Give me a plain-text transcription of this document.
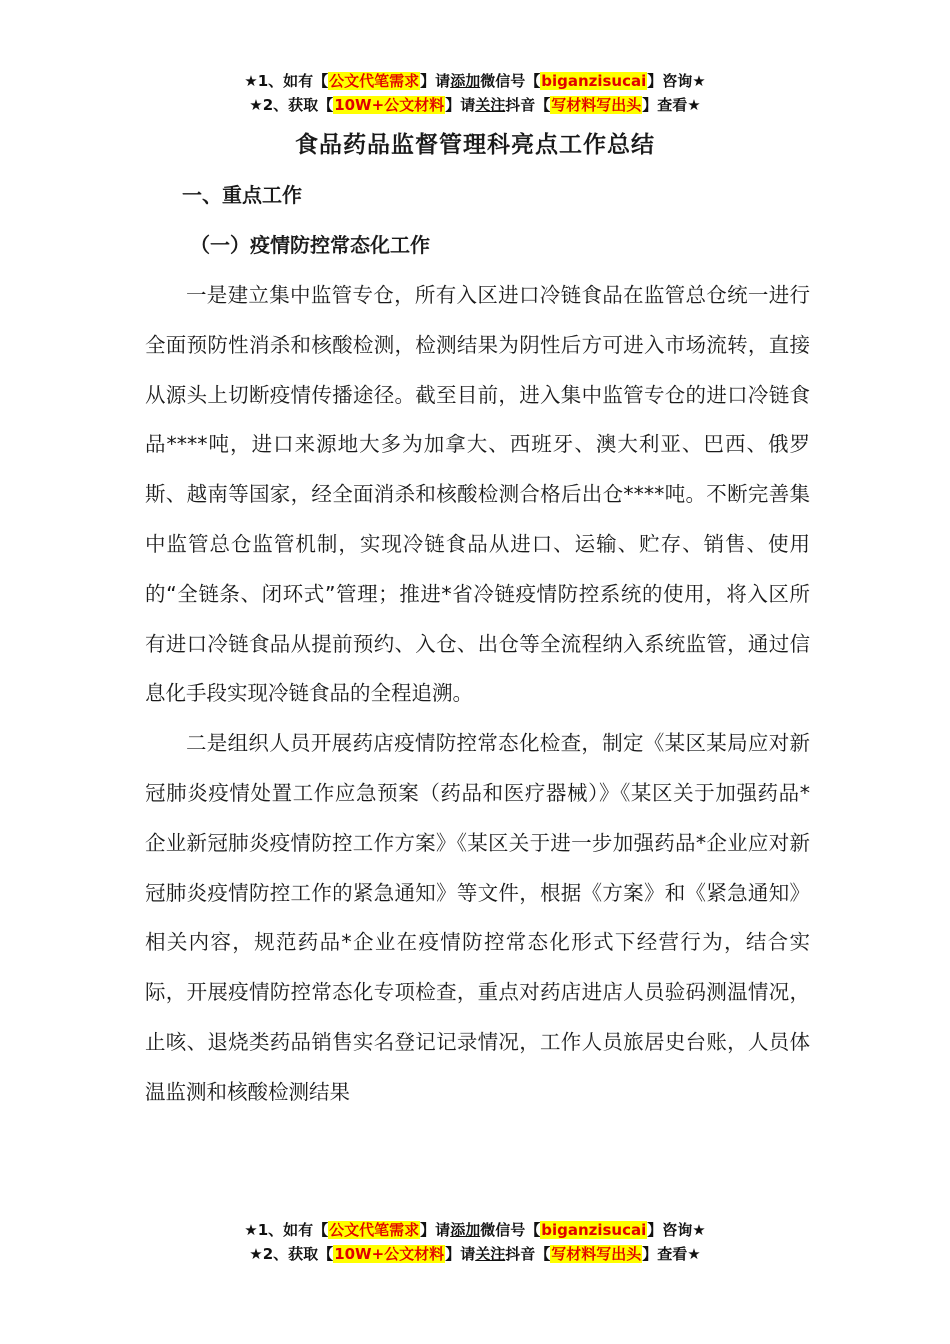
★1、如有【公文代笔需求】请添加微信号【biganzisucai】咨询★
★2、获取【10W+公文材料】请关注抖音【写材料写出头】查看★
食品药品监督管理科亮点工作总结
一、重点工作
（一）疫情防控常态化工作

一是建立集中监管专仓，所有入区进口冷链食品在监管总仓统一进行全面预防性消杀和核酸检测，检测结果为阴性后方可进入市场流转，直接从源头上切断疫情传播途径。截至目前，进入集中监管专仓的进口冷链食品****吨，进口来源地大多为加拿大、西班牙、澳大利亚、巴西、俄罗斯、越南等国家，经全面消杀和核酸检测合格后出仓****吨。不断完善集中监管总仓监管机制，实现冷链食品从进口、运输、贮存、销售、使用的“全链条、闭环式”管理；推进*省冷链疫情防控系统的使用，将入区所有进口冷链食品从提前预约、入仓、出仓等全流程纳入系统监管，通过信息化手段实现冷链食品的全程追溯。

二是组织人员开展药店疫情防控常态化检查，制定《某区某局应对新冠肺炎疫情处置工作应急预案（药品和医疗器械）》《某区关于加强药品*企业新冠肺炎疫情防控工作方案》《某区关于进一步加强药品*企业应对新冠肺炎疫情防控工作的紧急通知》等文件，根据《方案》和《紧急通知》相关内容，规范药品*企业在疫情防控常态化形式下经营行为，结合实际，开展疫情防控常态化专项检查，重点对药店进店人员验码测温情况，止咳、退烧类药品销售实名登记记录情况，工作人员旅居史台账，人员体温监测和核酸检测结果

★1、如有【公文代笔需求】请添加微信号【biganzisucai】咨询★
★2、获取【10W+公文材料】请关注抖音【写材料写出头】查看★
